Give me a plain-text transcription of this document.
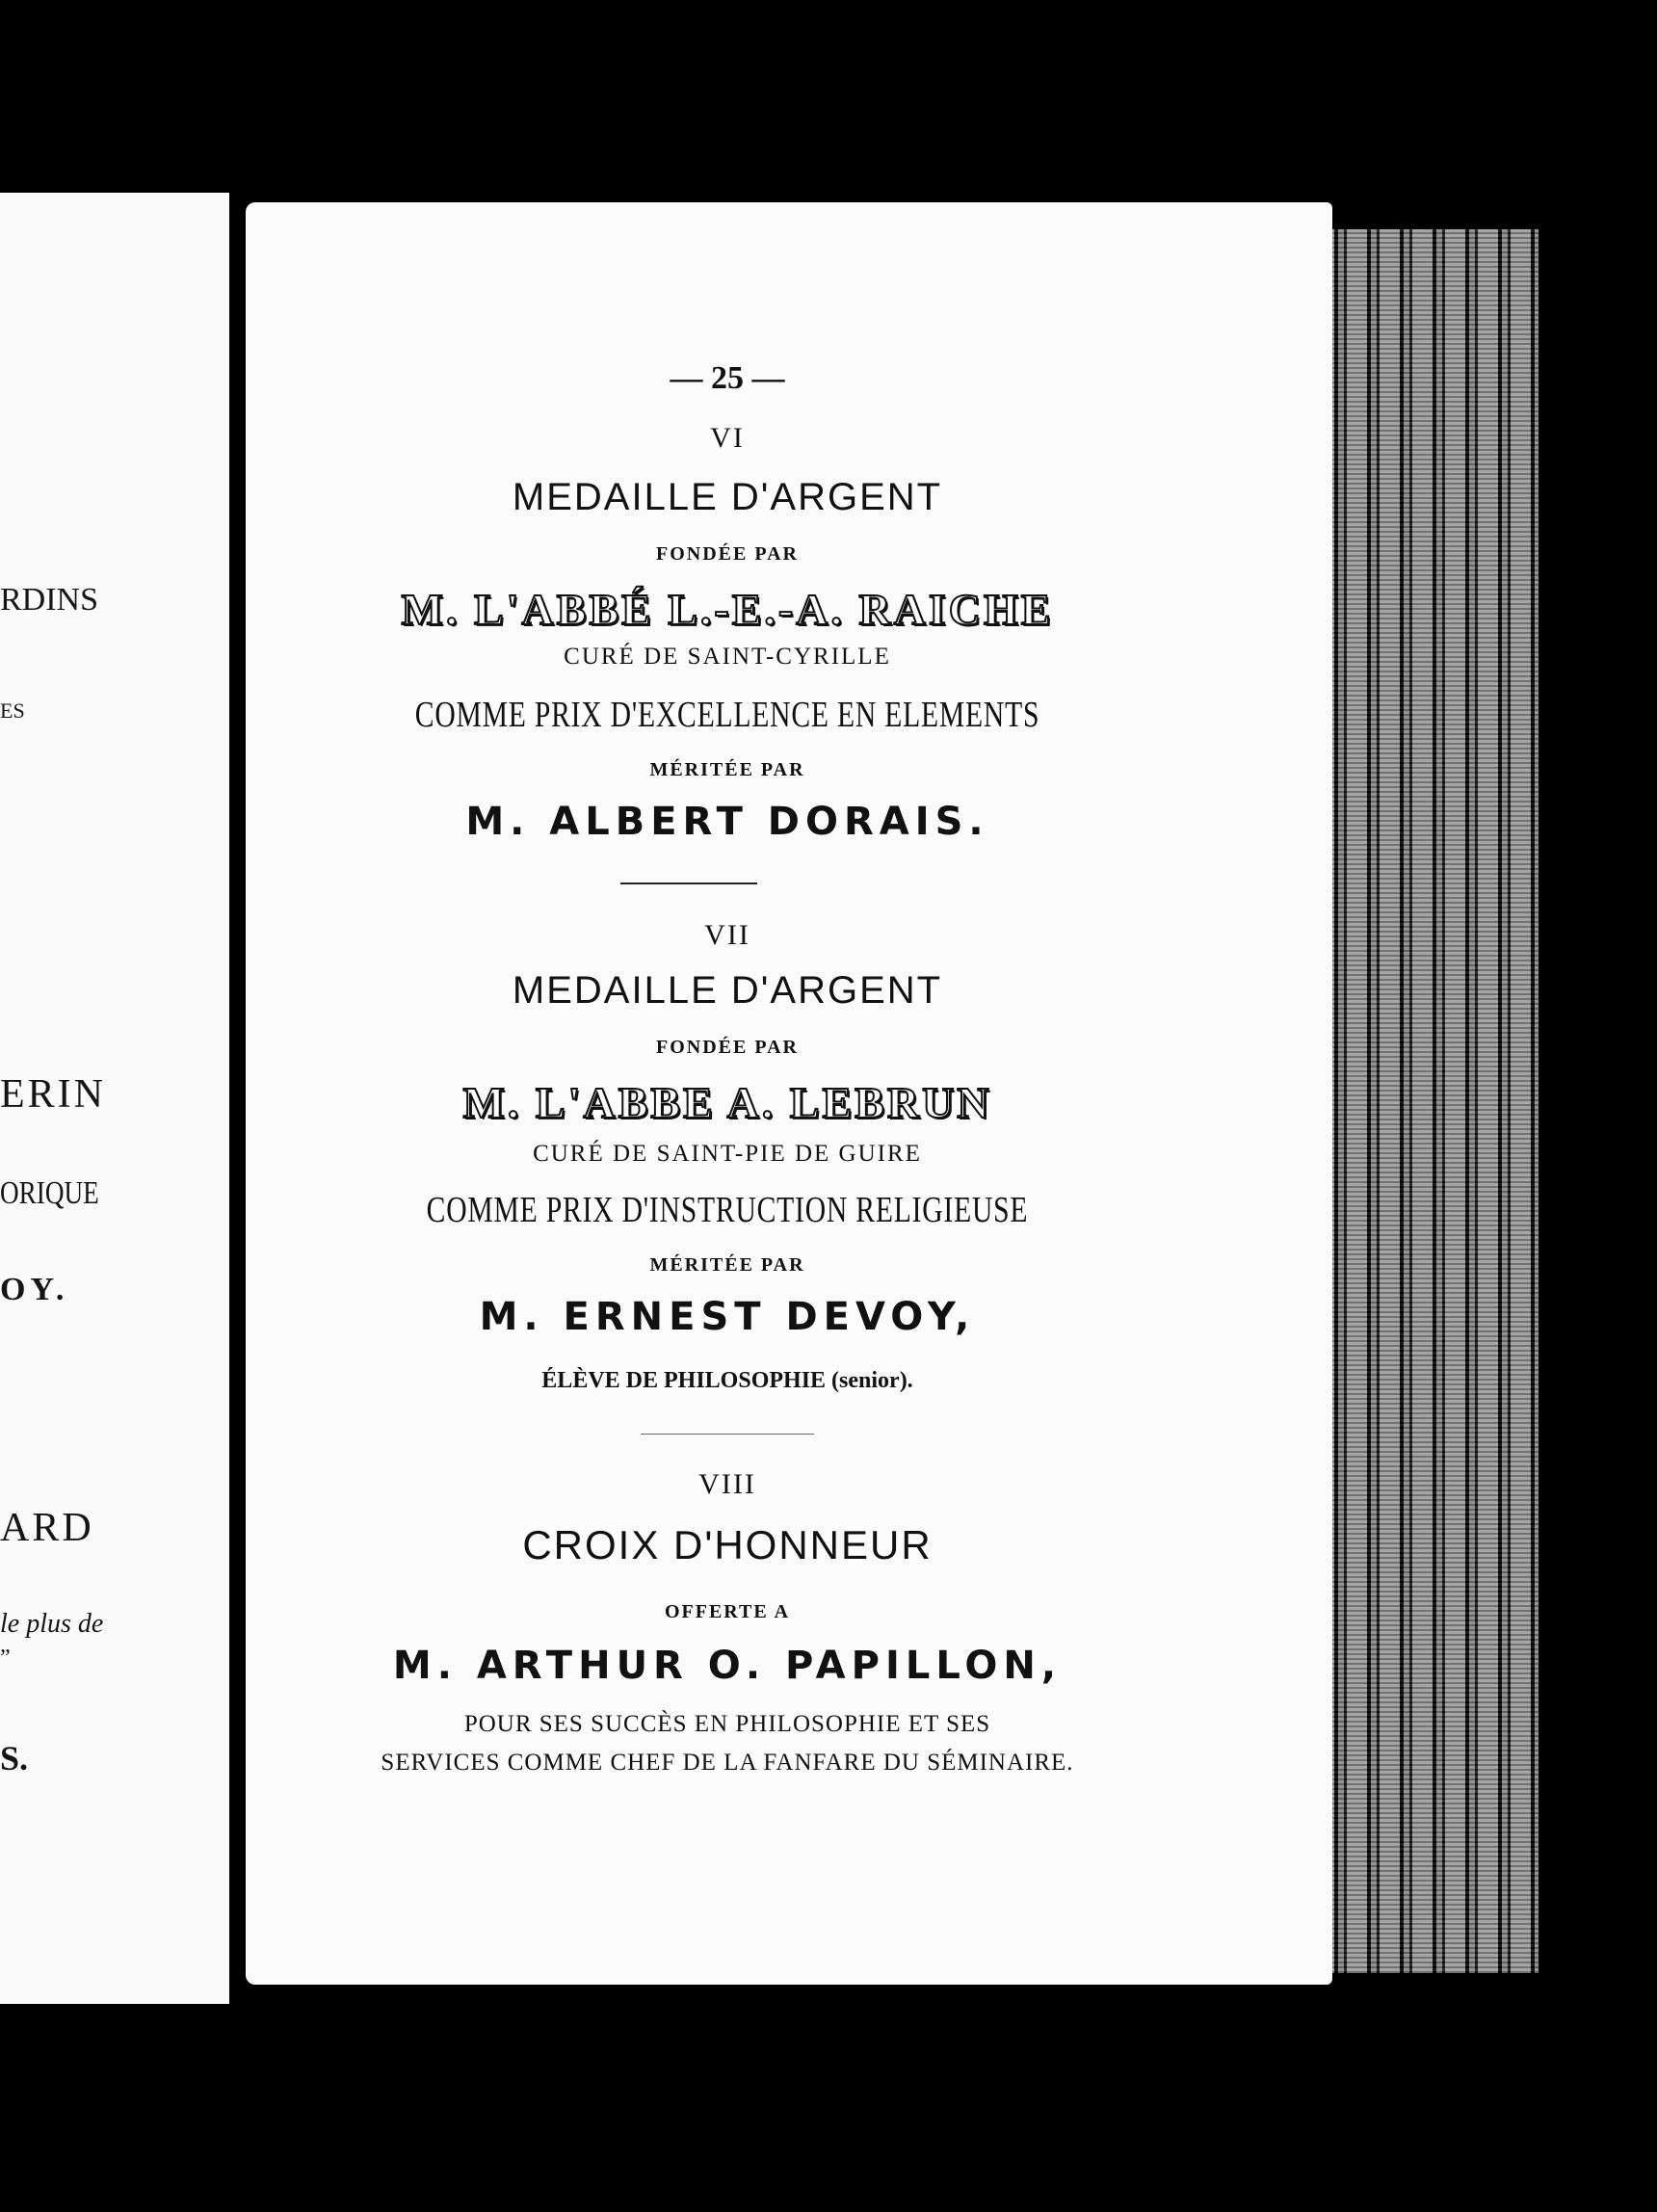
RDINS
ES
ERIN
ORIQUE
OY.
ARD
le plus de
”
S.
— 25 —
VI
MEDAILLE D'ARGENT
FONDÉE PAR
M. L'ABBÉ L.-E.-A. RAICHE
CURÉ DE SAINT-CYRILLE
COMME PRIX D'EXCELLENCE EN ELEMENTS
MÉRITÉE PAR
M. ALBERT DORAIS.
VII
MEDAILLE D'ARGENT
FONDÉE PAR
M. L'ABBE A. LEBRUN
CURÉ DE SAINT-PIE DE GUIRE
COMME PRIX D'INSTRUCTION RELIGIEUSE
MÉRITÉE PAR
M. ERNEST DEVOY,
ÉLÈVE DE PHILOSOPHIE (senior).
VIII
CROIX D'HONNEUR
OFFERTE A
M. ARTHUR O. PAPILLON,
POUR SES SUCCÈS EN PHILOSOPHIE ET SES
SERVICES COMME CHEF DE LA FANFARE DU SÉMINAIRE.
